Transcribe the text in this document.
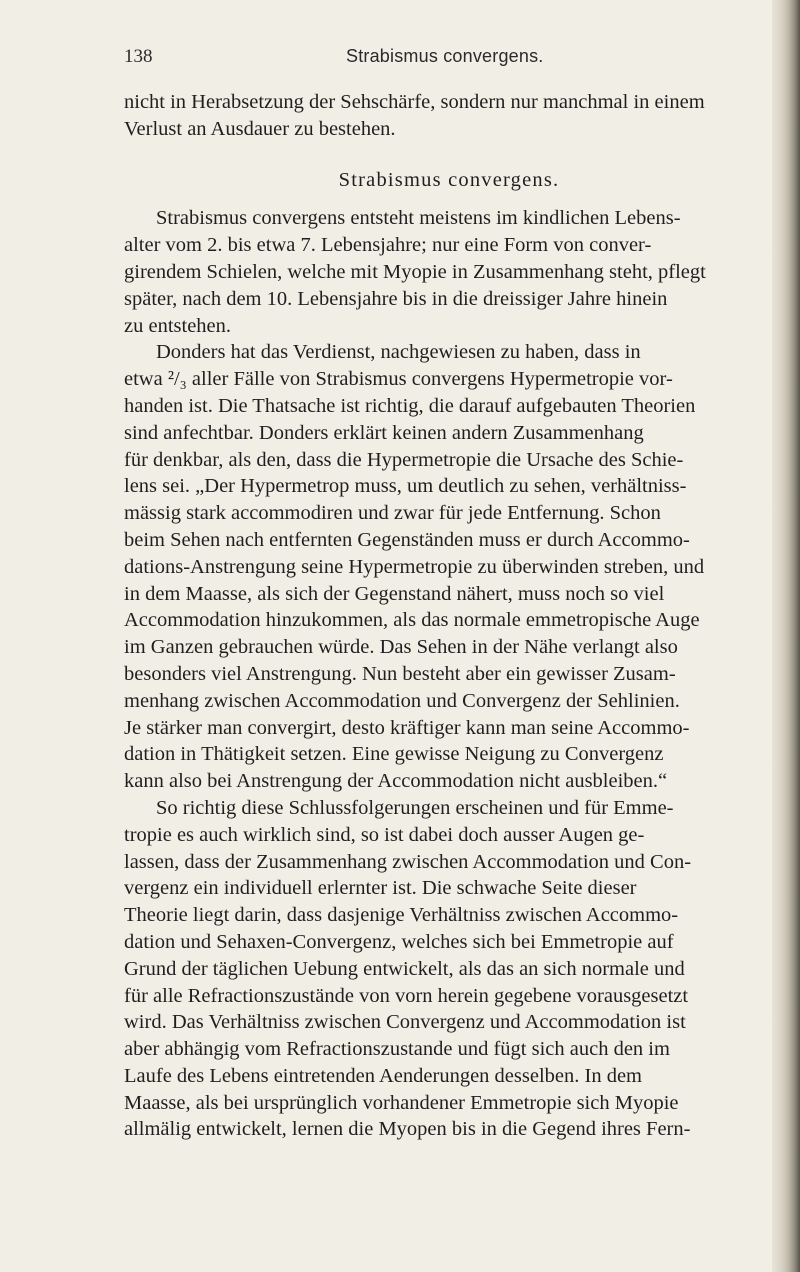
138	Strabismus convergens.
nicht in Herabsetzung der Sehschärfe, sondern nur manchmal in einem
Verlust an Ausdauer zu bestehen.
Strabismus convergens.
Strabismus convergens entsteht meistens im kindlichen Lebens-
alter vom 2. bis etwa 7. Lebensjahre; nur eine Form von conver-
girendem Schielen, welche mit Myopie in Zusammenhang steht, pflegt
später, nach dem 10. Lebensjahre bis in die dreissiger Jahre hinein
zu entstehen.
Donders hat das Verdienst, nachgewiesen zu haben, dass in
etwa ²/₃ aller Fälle von Strabismus convergens Hypermetropie vor-
handen ist. Die Thatsache ist richtig, die darauf aufgebauten Theorien
sind anfechtbar. Donders erklärt keinen andern Zusammenhang
für denkbar, als den, dass die Hypermetropie die Ursache des Schie-
lens sei. „Der Hypermetrop muss, um deutlich zu sehen, verhältniss-
mässig stark accommodiren und zwar für jede Entfernung. Schon
beim Sehen nach entfernten Gegenständen muss er durch Accommo-
dations-Anstrengung seine Hypermetropie zu überwinden streben, und
in dem Maasse, als sich der Gegenstand nähert, muss noch so viel
Accommodation hinzukommen, als das normale emmetropische Auge
im Ganzen gebrauchen würde. Das Sehen in der Nähe verlangt also
besonders viel Anstrengung. Nun besteht aber ein gewisser Zusam-
menhang zwischen Accommodation und Convergenz der Sehlinien.
Je stärker man convergirt, desto kräftiger kann man seine Accommo-
dation in Thätigkeit setzen. Eine gewisse Neigung zu Convergenz
kann also bei Anstrengung der Accommodation nicht ausbleiben.“
So richtig diese Schlussfolgerungen erscheinen und für Emme-
tropie es auch wirklich sind, so ist dabei doch ausser Augen ge-
lassen, dass der Zusammenhang zwischen Accommodation und Con-
vergenz ein individuell erlernter ist. Die schwache Seite dieser
Theorie liegt darin, dass dasjenige Verhältniss zwischen Accommo-
dation und Sehaxen-Convergenz, welches sich bei Emmetropie auf
Grund der täglichen Uebung entwickelt, als das an sich normale und
für alle Refractionszustände von vorn herein gegebene vorausgesetzt
wird. Das Verhältniss zwischen Convergenz und Accommodation ist
aber abhängig vom Refractionszustande und fügt sich auch den im
Laufe des Lebens eintretenden Aenderungen desselben. In dem
Maasse, als bei ursprünglich vorhandener Emmetropie sich Myopie
allmälig entwickelt, lernen die Myopen bis in die Gegend ihres Fern-
